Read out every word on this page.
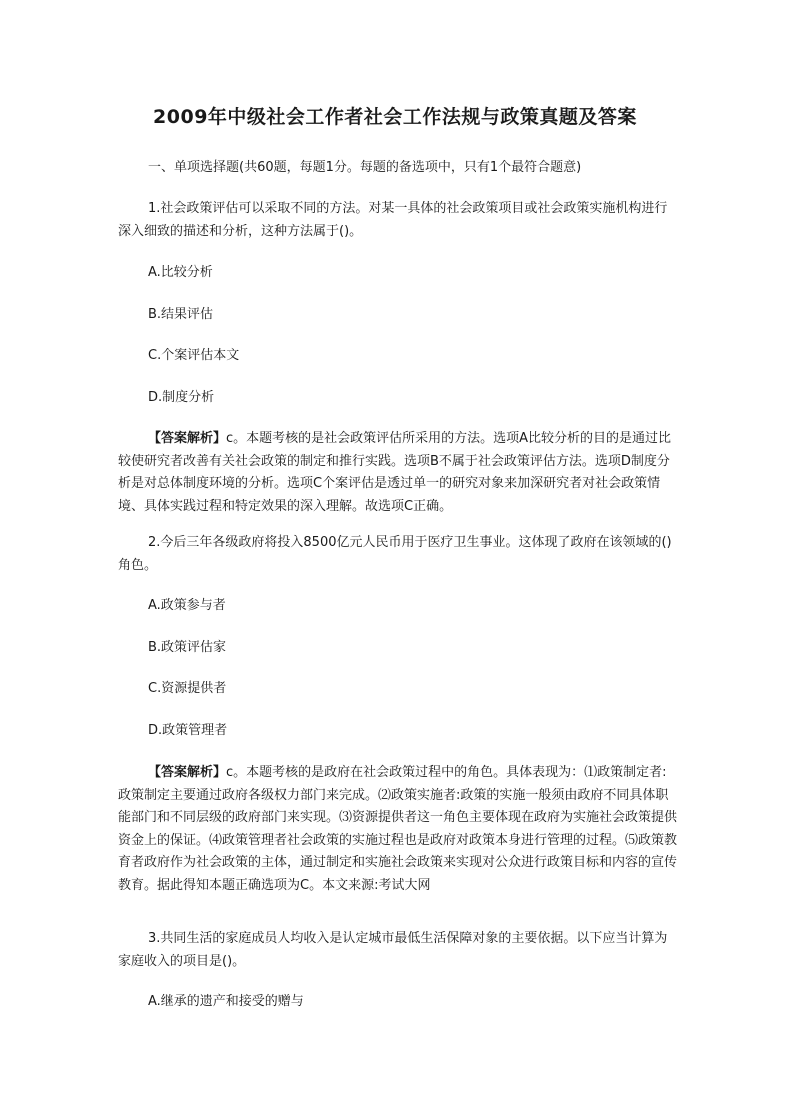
2009年中级社会工作者社会工作法规与政策真题及答案
一、单项选择题(共60题，每题1分。每题的备选项中，只有1个最符合题意)
1.社会政策评估可以采取不同的方法。对某一具体的社会政策项目或社会政策实施机构进行深入细致的描述和分析，这种方法属于()。
A.比较分析
B.结果评估
C.个案评估本文
D.制度分析
【答案解析】c。本题考核的是社会政策评估所采用的方法。选项A比较分析的目的是通过比较使研究者改善有关社会政策的制定和推行实践。选项B不属于社会政策评估方法。选项D制度分析是对总体制度环境的分析。选项C个案评估是透过单一的研究对象来加深研究者对社会政策情境、具体实践过程和特定效果的深入理解。故选项C正确。
2.今后三年各级政府将投入8500亿元人民币用于医疗卫生事业。这体现了政府在该领域的()角色。
A.政策参与者
B.政策评估家
C.资源提供者
D.政策管理者
【答案解析】c。本题考核的是政府在社会政策过程中的角色。具体表现为：⑴政策制定者:政策制定主要通过政府各级权力部门来完成。⑵政策实施者:政策的实施一般须由政府不同具体职能部门和不同层级的政府部门来实现。⑶资源提供者这一角色主要体现在政府为实施社会政策提供资金上的保证。⑷政策管理者社会政策的实施过程也是政府对政策本身进行管理的过程。⑸政策教育者政府作为社会政策的主体，通过制定和实施社会政策来实现对公众进行政策目标和内容的宣传教育。据此得知本题正确选项为C。本文来源:考试大网
3.共同生活的家庭成员人均收入是认定城市最低生活保障对象的主要依据。以下应当计算为家庭收入的项目是()。
A.继承的遗产和接受的赠与
